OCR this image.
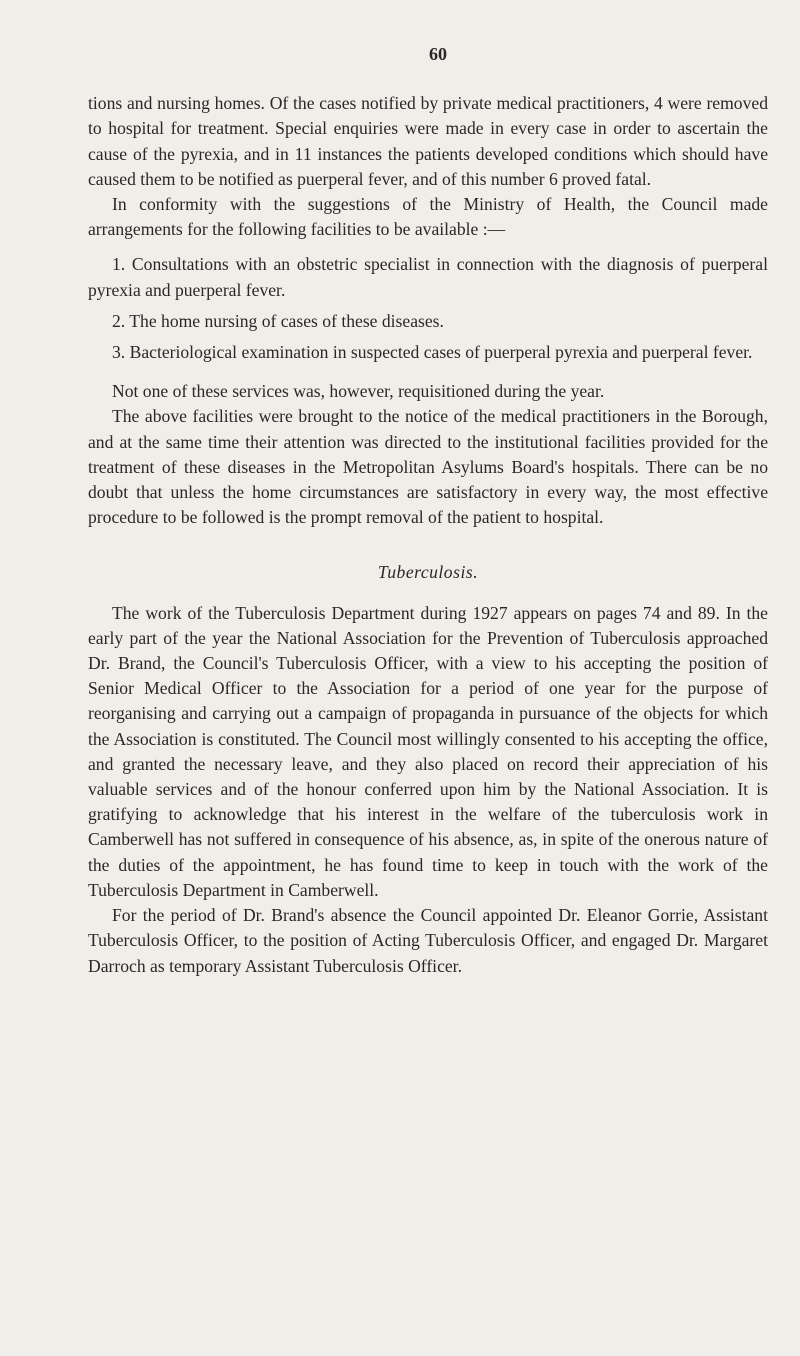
60

tions and nursing homes. Of the cases notified by private medical practitioners, 4 were removed to hospital for treatment. Special enquiries were made in every case in order to ascertain the cause of the pyrexia, and in 11 instances the patients developed conditions which should have caused them to be notified as puerperal fever, and of this number 6 proved fatal.

In conformity with the suggestions of the Ministry of Health, the Council made arrangements for the following facilities to be available :—

1. Consultations with an obstetric specialist in connection with the diagnosis of puerperal pyrexia and puerperal fever.

2. The home nursing of cases of these diseases.

3. Bacteriological examination in suspected cases of puerperal pyrexia and puerperal fever.

Not one of these services was, however, requisitioned during the year.

The above facilities were brought to the notice of the medical practitioners in the Borough, and at the same time their attention was directed to the institutional facilities provided for the treatment of these diseases in the Metropolitan Asylums Board's hospitals. There can be no doubt that unless the home circumstances are satisfactory in every way, the most effective procedure to be followed is the prompt removal of the patient to hospital.

Tuberculosis.

The work of the Tuberculosis Department during 1927 appears on pages 74 and 89. In the early part of the year the National Association for the Prevention of Tuberculosis approached Dr. Brand, the Council's Tuberculosis Officer, with a view to his accepting the position of Senior Medical Officer to the Association for a period of one year for the purpose of reorganising and carrying out a campaign of propaganda in pursuance of the objects for which the Association is constituted. The Council most willingly consented to his accepting the office, and granted the necessary leave, and they also placed on record their appreciation of his valuable services and of the honour conferred upon him by the National Association. It is gratifying to acknowledge that his interest in the welfare of the tuberculosis work in Camberwell has not suffered in consequence of his absence, as, in spite of the onerous nature of the duties of the appointment, he has found time to keep in touch with the work of the Tuberculosis Department in Camberwell.

For the period of Dr. Brand's absence the Council appointed Dr. Eleanor Gorrie, Assistant Tuberculosis Officer, to the position of Acting Tuberculosis Officer, and engaged Dr. Margaret Darroch as temporary Assistant Tuberculosis Officer.
